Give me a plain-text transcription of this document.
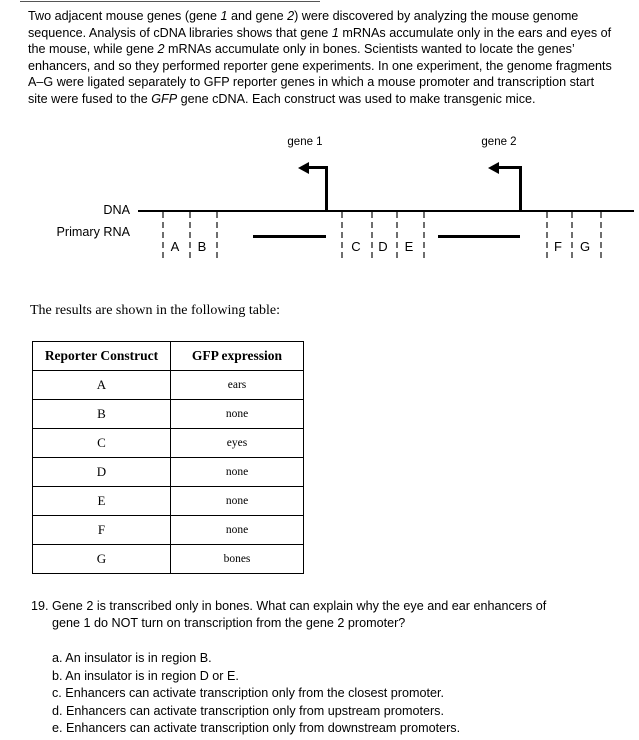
Two adjacent mouse genes (gene 1 and gene 2) were discovered by analyzing the mouse genome sequence. Analysis of cDNA libraries shows that gene 1 mRNAs accumulate only in the ears and eyes of the mouse, while gene 2 mRNAs accumulate only in bones. Scientists wanted to locate the genes’ enhancers, and so they performed reporter gene experiments. In one experiment, the genome fragments A–G were ligated separately to GFP reporter genes in which a mouse promoter and transcription start site were fused to the GFP gene cDNA. Each construct was used to make transgenic mice.
DNA
Primary RNA
A	B	C	D	E	F	G
gene 1	gene 2
The results are shown in the following table:
Reporter Construct	GFP expression
A	ears
B	none
C	eyes
D	none
E	none
F	none
G	bones
19. Gene 2 is transcribed only in bones. What can explain why the eye and ear enhancers of
gene 1 do NOT turn on transcription from the gene 2 promoter?
a. An insulator is in region B.
b. An insulator is in region D or E.
c. Enhancers can activate transcription only from the closest promoter.
d. Enhancers can activate transcription only from upstream promoters.
e. Enhancers can activate transcription only from downstream promoters.
